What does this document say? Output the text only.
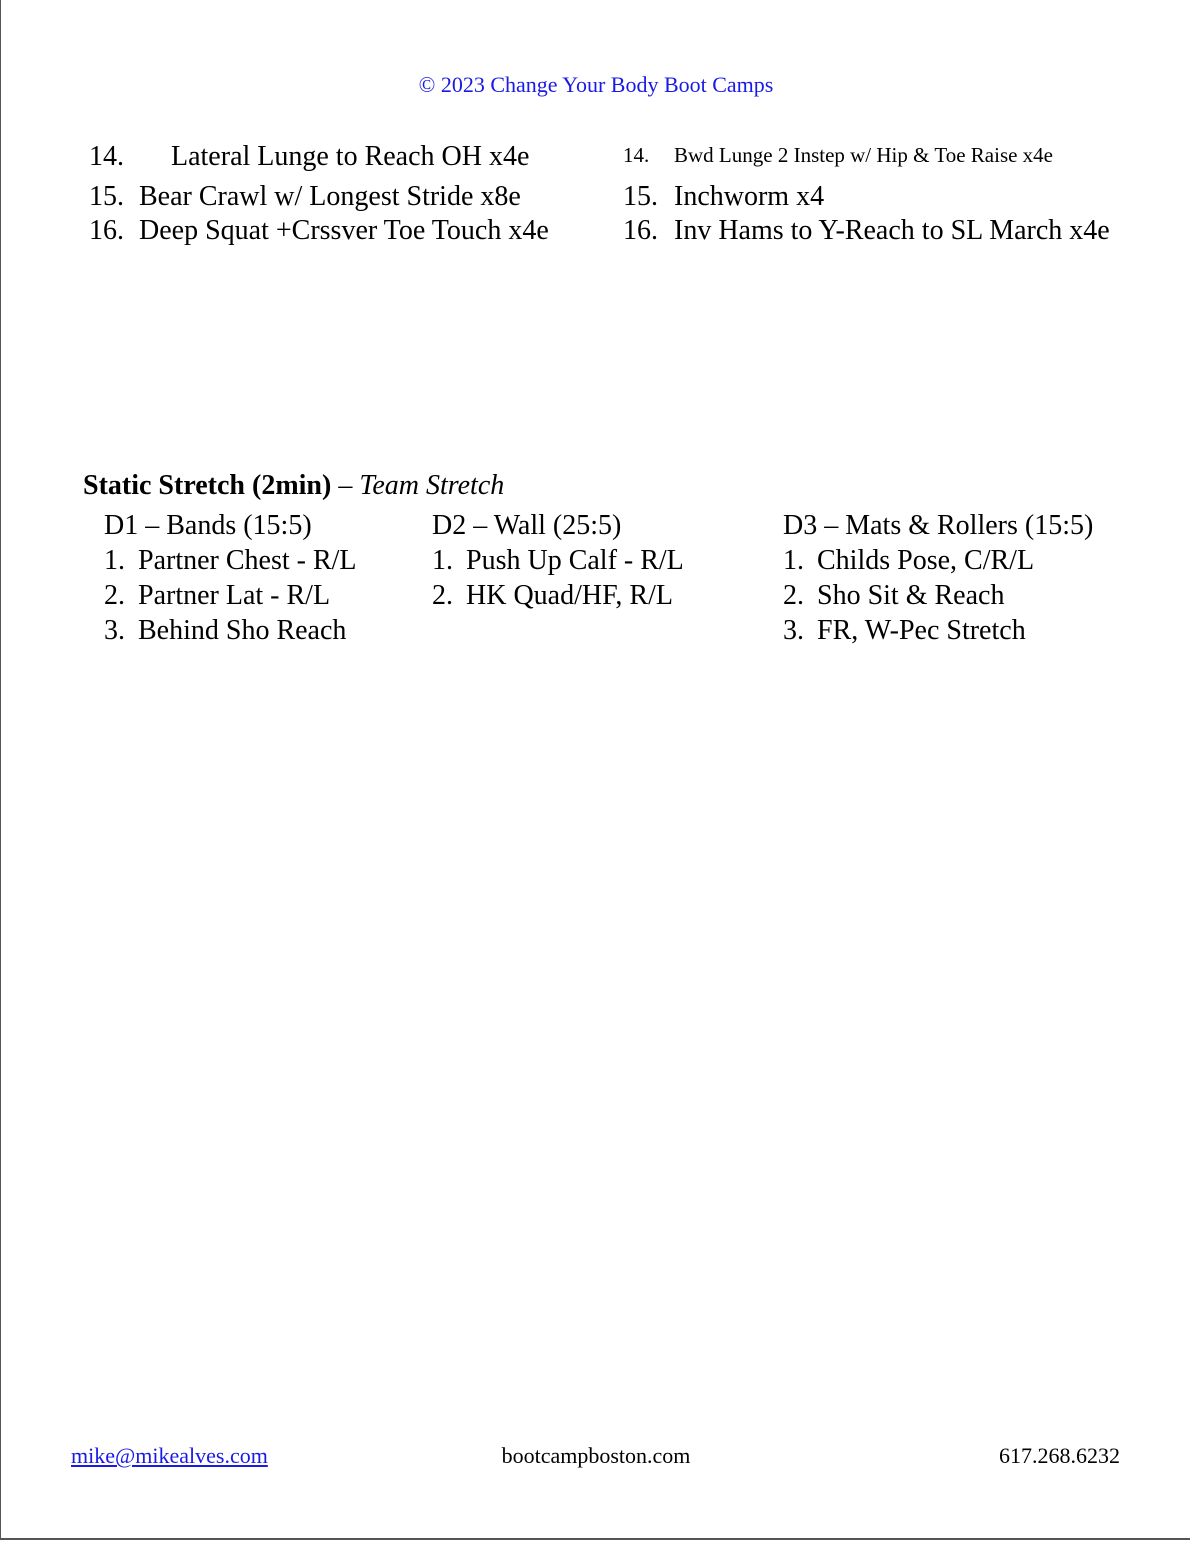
© 2023 Change Your Body Boot Camps
14. Lateral Lunge to Reach OH x4e
15. Bear Crawl w/ Longest Stride x8e
16. Deep Squat +Crssver Toe Touch x4e
14. Bwd Lunge 2 Instep w/ Hip & Toe Raise x4e
15. Inchworm x4
16. Inv Hams to Y-Reach to SL March x4e
Static Stretch (2min) – Team Stretch
D1 – Bands (15:5)
1. Partner Chest - R/L
2. Partner Lat - R/L
3. Behind Sho Reach
D2 – Wall (25:5)
1. Push Up Calf - R/L
2. HK Quad/HF, R/L
D3 – Mats & Rollers (15:5)
1. Childs Pose, C/R/L
2. Sho Sit & Reach
3. FR, W-Pec Stretch
mike@mikealves.com	bootcampboston.com	617.268.6232
